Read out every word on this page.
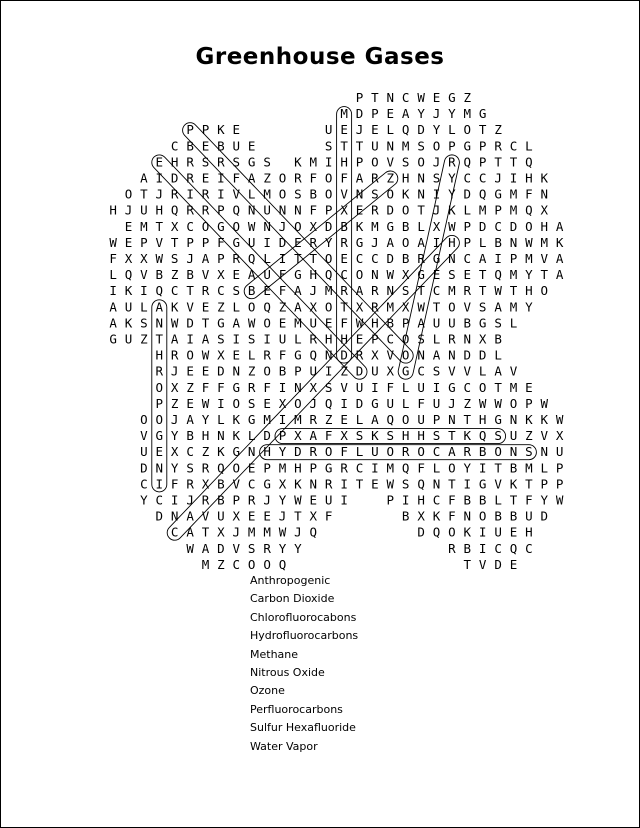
Greenhouse Gases
P T N C W E G Z
M D P E A Y J Y M G
P P K E	U E J E L Q D Y L O T Z
C B E B U E	S T T U N M S O P G P R C L
E H R S R S G S K M I H P O V S O J R Q P T T Q
A I D R E I F A Z O R F O F A R Z H N S Y C C J I H K
O T J R I R I V L M O S B O V N S O K N I Y D Q G M F N
H J U H Q R R P Q N U N N F P X E R D O T J K L M P M Q X
E M T X C O G O W N J O X D B K M G B L X W P D C D O H A
W E P V T P P F G U I D E R Y R G J A O A I H P L B N W M K
F X X W S J A P R Q L I T T O E C C D B R G N C A I P M V A
L Q V B Z B V X E A U F G H Q C O N W X G E S E T Q M Y T A
I K I Q C T R C S B E F A J M R A R N S T C M R T W T H O
A U L A K V E Z L O Q Z A X O T X R M X W T O V S A M Y
A K S N W D T G A W O E M U E F W H B P A U U B G S L
G U Z T A I A S I S I U L R H H E P C O S L R N X B
H R O W X E L R F G Q N D R X V O N A N D D L
R J E E D N Z O B P U I Z D U X G C S V V L A V
O X Z F F G R F I N X S V U I F L U I G C O T M E
P Z E W I O S E X O J Q I D G U L F U J Z W W O P W
O O J A Y L K G M I M R Z E L A Q O U P N T H G N K K W
V G Y B H N K L D P X A F X S K S H H S T K Q S U Z V X
U E X C Z K G N H Y D R O F L U O R O C A R B O N S N U
D N Y S R Q O E P M H P G R C I M Q F L O Y I T B M L P
C I F R X B V C G X K N R I T E W S Q N T I G V K T P P
Y C I J R B P R J Y W E U I	P I H C F B B L T F Y W
D N A V U X E E J T X F	B X K F N O B B U D
C A T X J M M W J Q	D Q O K I U E H
W A D V S R Y Y	R B I C Q C
M Z C O O Q	T V D E
Anthropogenic
Carbon Dioxide
Chlorofluorocabons
Hydrofluorocarbons
Methane
Nitrous Oxide
Ozone
Perfluorocarbons
Sulfur Hexafluoride
Water Vapor
